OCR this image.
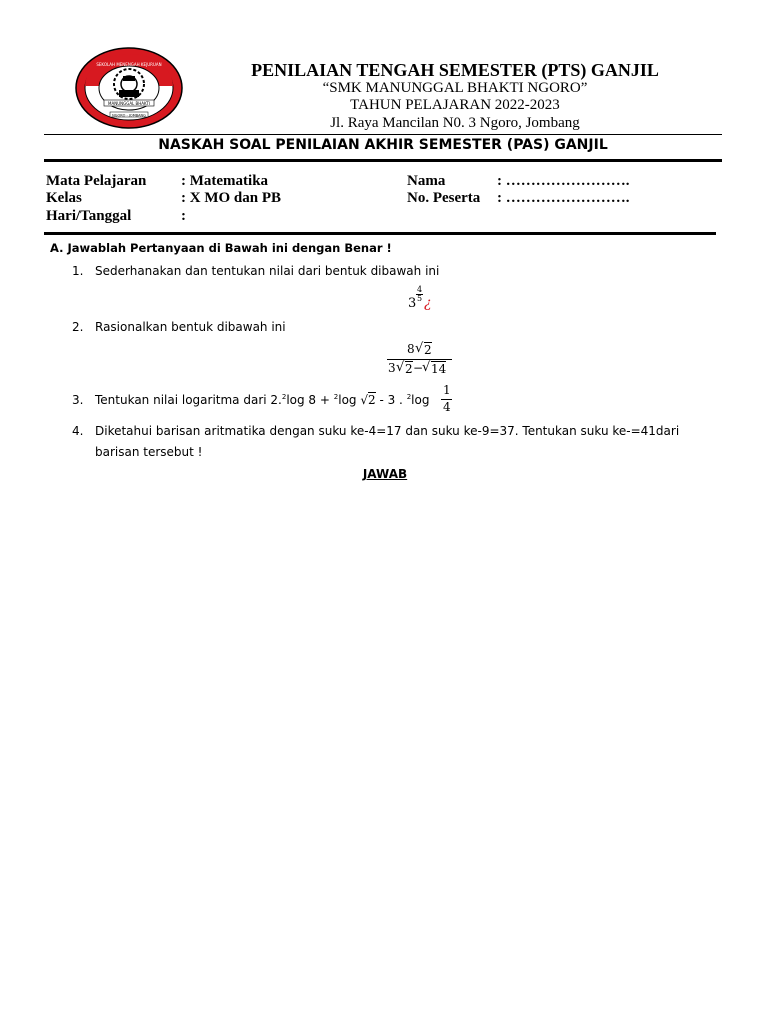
MANUNGGAL BHAKTI
NGORO - JOMBANG
SEKOLAH MENENGAH KEJURUAN	PENILAIAN TENGAH SEMESTER (PTS) GANJIL
“SMK MANUNGGAL BHAKTI NGORO”
TAHUN PELAJARAN 2022-2023
Jl. Raya Mancilan N0. 3 Ngoro, Jombang
NASKAH SOAL PENILAIAN AKHIR SEMESTER (PAS) GANJIL
Mata Pelajaran : Matematika
Kelas	: X MO dan PB
Hari/Tanggal	:
Nama	: …………………….
No. Peserta : …………………….
A. Jawablah Pertanyaan di Bawah ini dengan Benar !
1. Sederhanakan dan tentukan nilai dari bentuk dibawah ini
3
4
5 ¿
2. Rasionalkan bentuk dibawah ini
8 √ 2
3 √ 2 −
√ 14
3. Tentukan nilai logaritma dari 2.$^2$log 8 + $^2$log √2 - 3 . $^2$log
1
4
4. Diketahui barisan aritmatika dengan suku ke-4=17 dan suku ke-9=37. Tentukan suku ke-=41dari
barisan tersebut !
JAWAB
